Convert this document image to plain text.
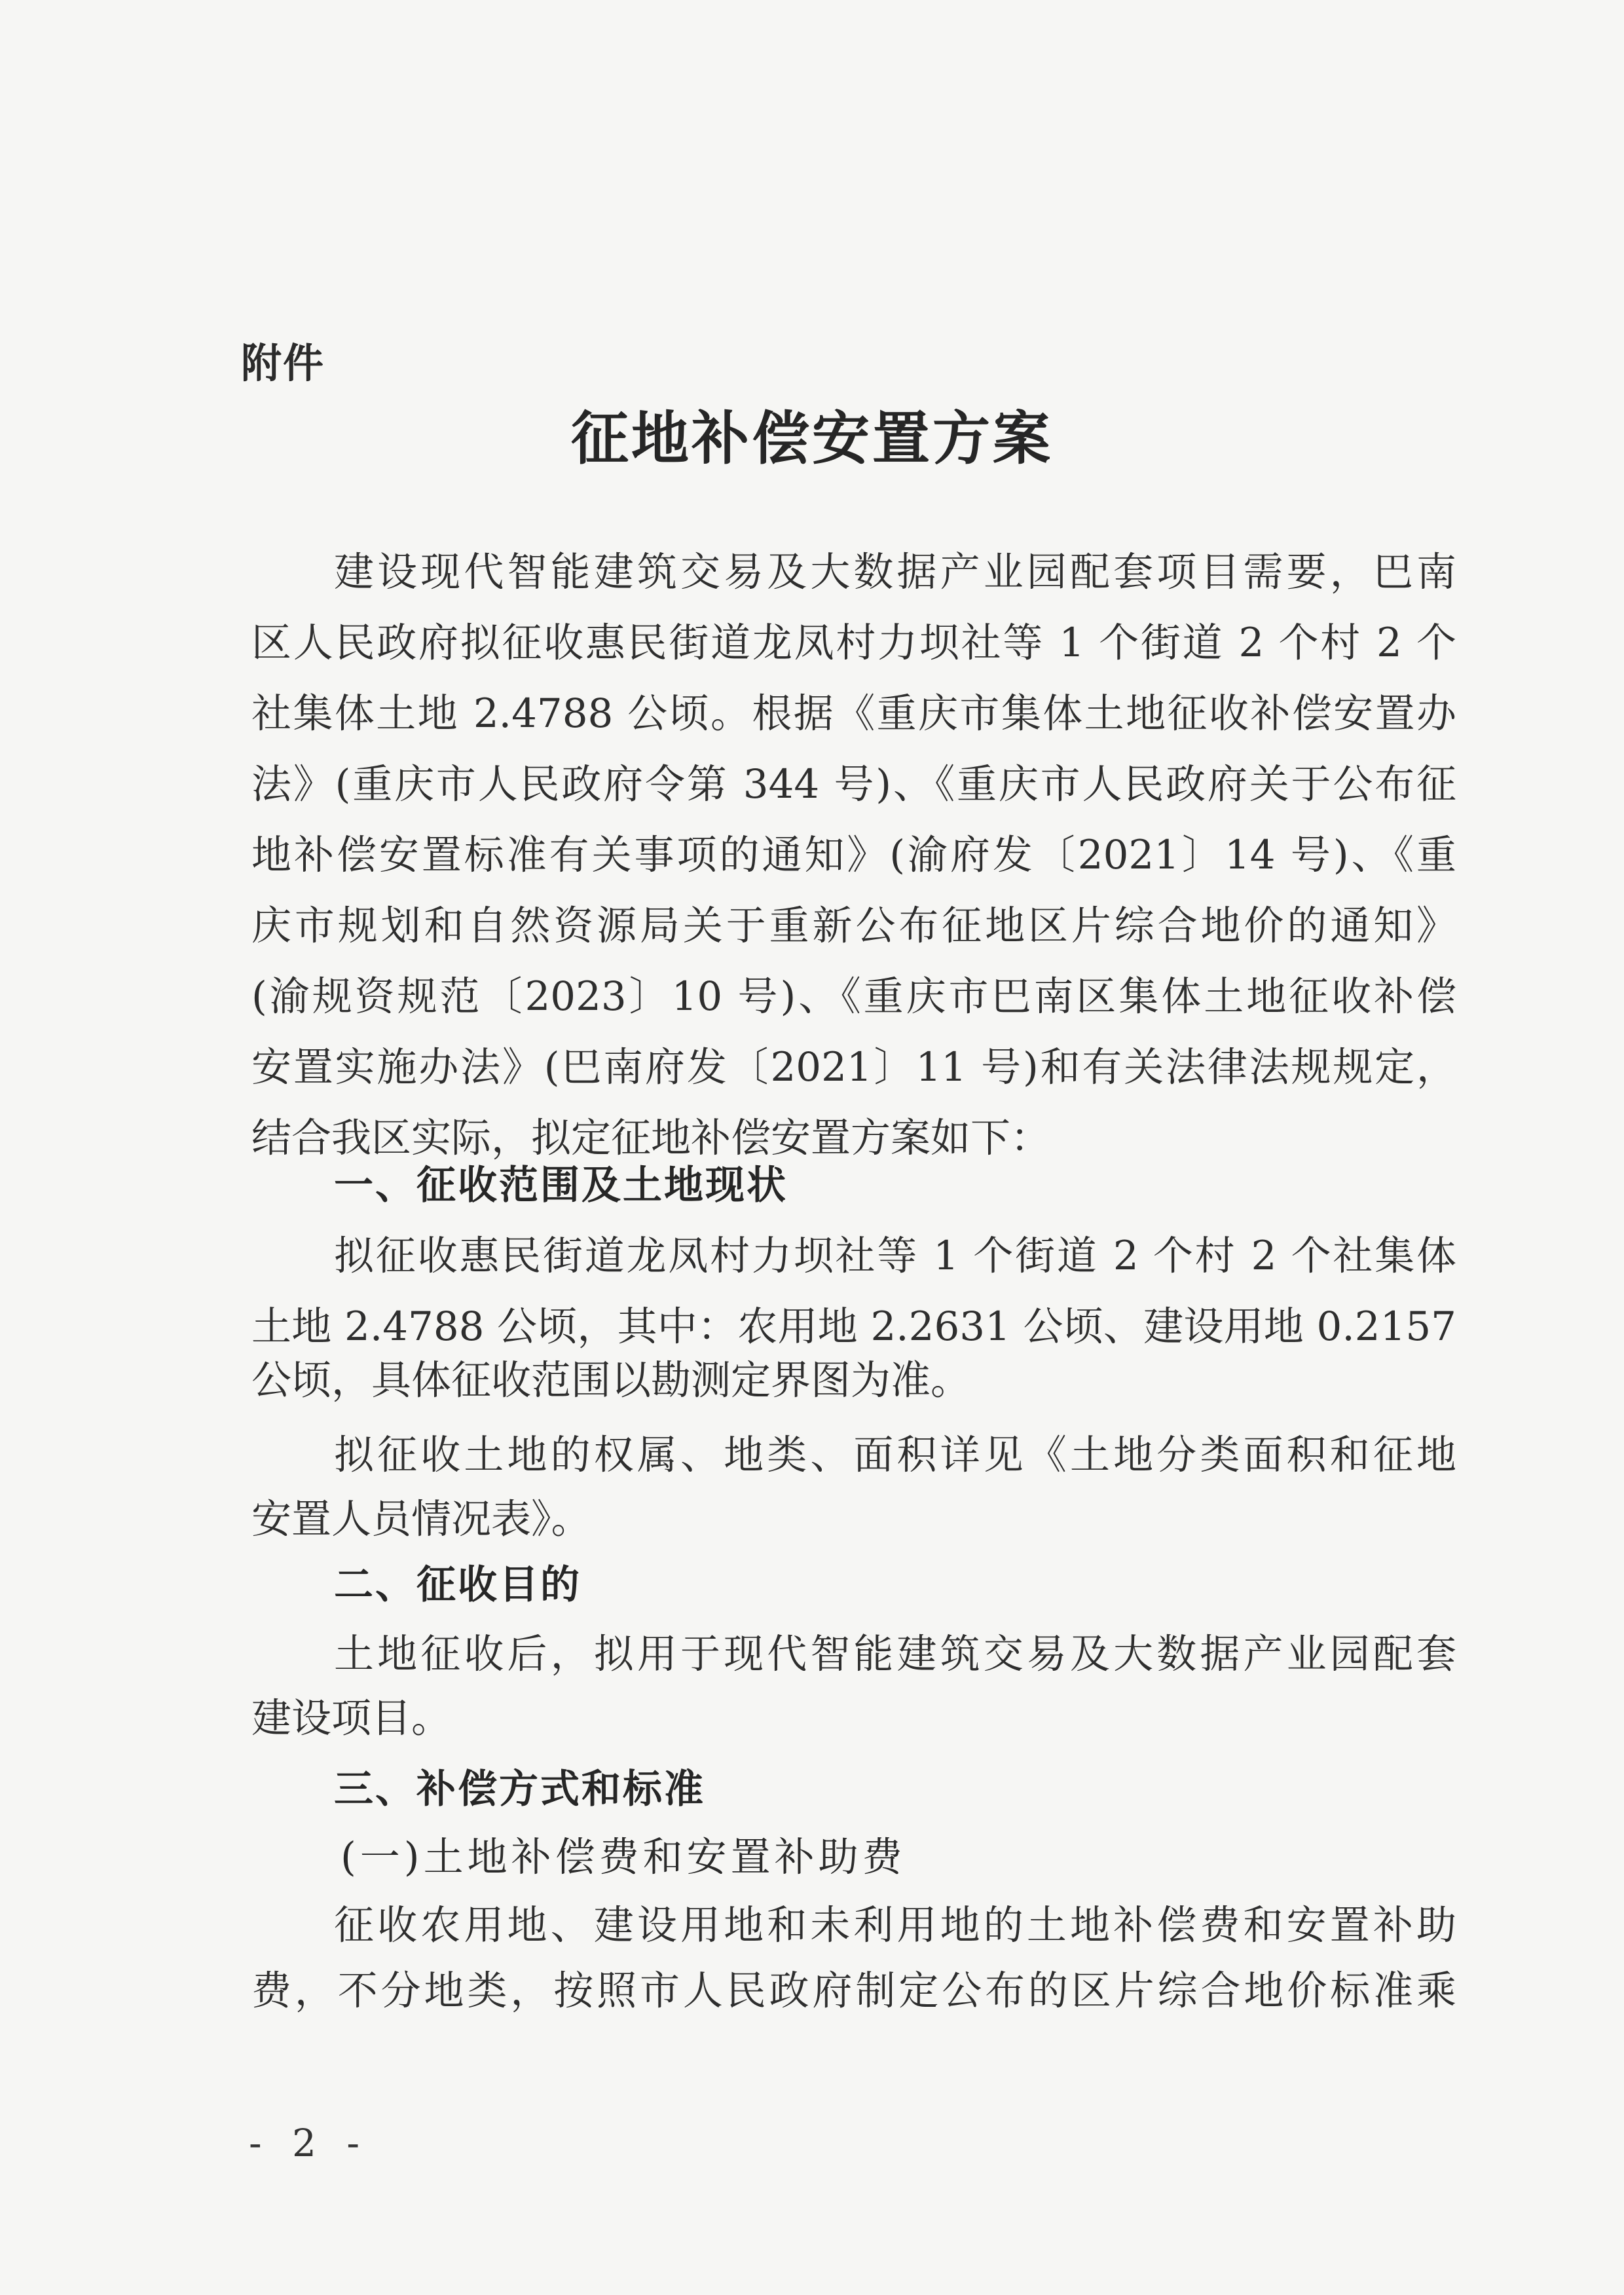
附件
征地补偿安置方案
建设现代智能建筑交易及大数据产业园配套项目需要，巴南
区人民政府拟征收惠民街道龙凤村力坝社等 1 个街道 2 个村 2 个
社集体土地 2.4788 公顷。根据《重庆市集体土地征收补偿安置办
法》(重庆市人民政府令第 344 号)、《重庆市人民政府关于公布征
地补偿安置标准有关事项的通知》(渝府发〔2021〕14 号)、《重
庆市规划和自然资源局关于重新公布征地区片综合地价的通知》
(渝规资规范〔2023〕10 号)、《重庆市巴南区集体土地征收补偿
安置实施办法》(巴南府发〔2021〕11 号)和有关法律法规规定，
结合我区实际，拟定征地补偿安置方案如下：
一、征收范围及土地现状
拟征收惠民街道龙凤村力坝社等 1 个街道 2 个村 2 个社集体
土地 2.4788 公顷，其中：农用地 2.2631 公顷、建设用地 0.2157
公顷，具体征收范围以勘测定界图为准。
拟征收土地的权属、地类、面积详见《土地分类面积和征地
安置人员情况表》。
二、征收目的
土地征收后，拟用于现代智能建筑交易及大数据产业园配套
建设项目。
三、补偿方式和标准
(一)土地补偿费和安置补助费
征收农用地、建设用地和未利用地的土地补偿费和安置补助
费，不分地类，按照市人民政府制定公布的区片综合地价标准乘
- 2 -
